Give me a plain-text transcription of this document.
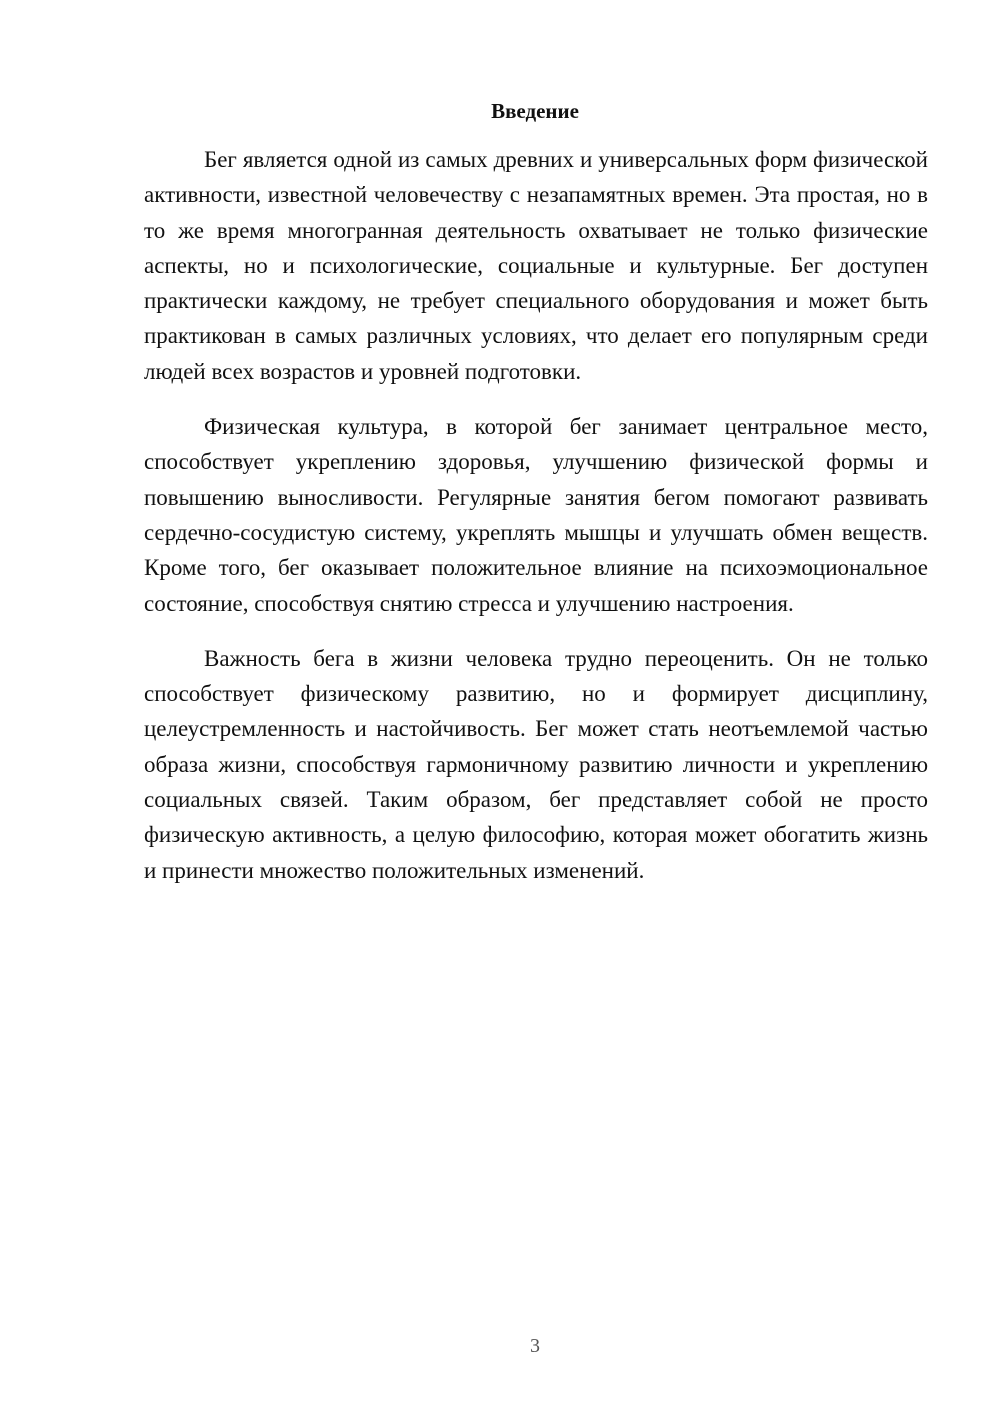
Введение

Бег является одной из самых древних и универсальных форм физической активности, известной человечеству с незапамятных времен. Эта простая, но в то же время многогранная деятельность охватывает не только физические аспекты, но и психологические, социальные и культурные. Бег доступен практически каждому, не требует специального оборудования и может быть практикован в самых различных условиях, что делает его популярным среди людей всех возрастов и уровней подготовки.

Физическая культура, в которой бег занимает центральное место, способствует укреплению здоровья, улучшению физической формы и повышению выносливости. Регулярные занятия бегом помогают развивать сердечно-сосудистую систему, укреплять мышцы и улучшать обмен веществ. Кроме того, бег оказывает положительное влияние на психоэмоциональное состояние, способствуя снятию стресса и улучшению настроения.

Важность бега в жизни человека трудно переоценить. Он не только способствует физическому развитию, но и формирует дисциплину, целеустремленность и настойчивость. Бег может стать неотъемлемой частью образа жизни, способствуя гармоничному развитию личности и укреплению социальных связей. Таким образом, бег представляет собой не просто физическую активность, а целую философию, которая может обогатить жизнь и принести множество положительных изменений.

3
